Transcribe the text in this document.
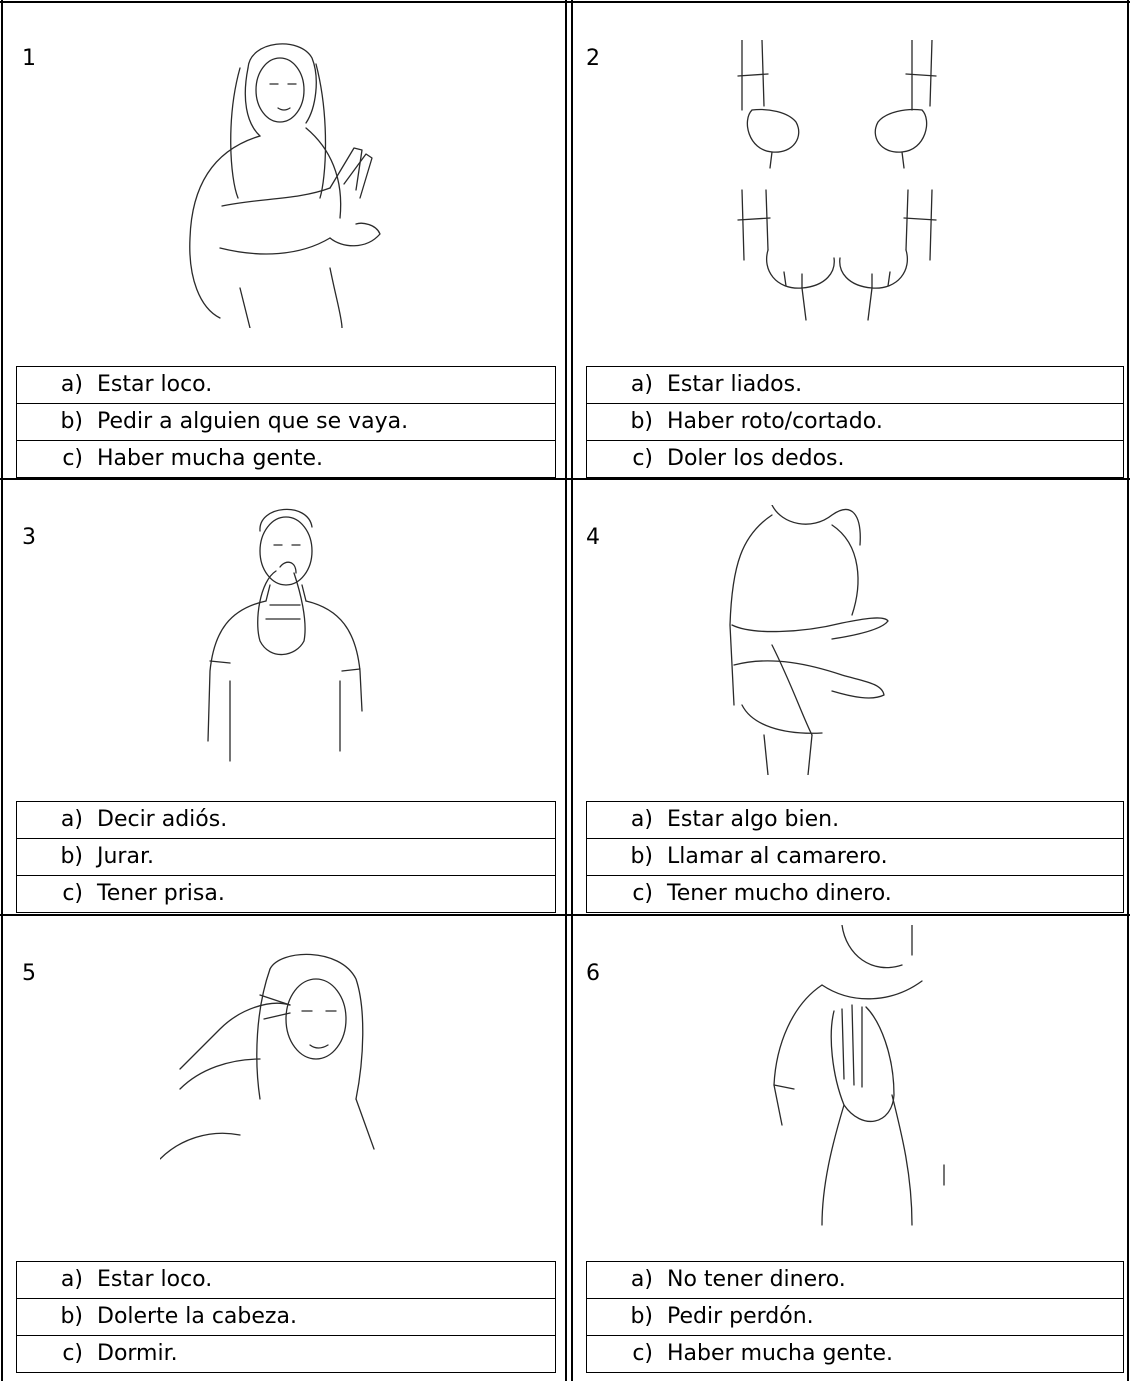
1
a) Estar loco.
b) Pedir a alguien que se vaya.
c) Haber mucha gente.
2
a) Estar liados.
b) Haber roto/cortado.
c) Doler los dedos.
3
a) Decir adiós.
b) Jurar.
c) Tener prisa.
4
a) Estar algo bien.
b) Llamar al camarero.
c) Tener mucho dinero.
5
a) Estar loco.
b) Dolerte la cabeza.
c) Dormir.
6
a) No tener dinero.
b) Pedir perdón.
c) Haber mucha gente.
